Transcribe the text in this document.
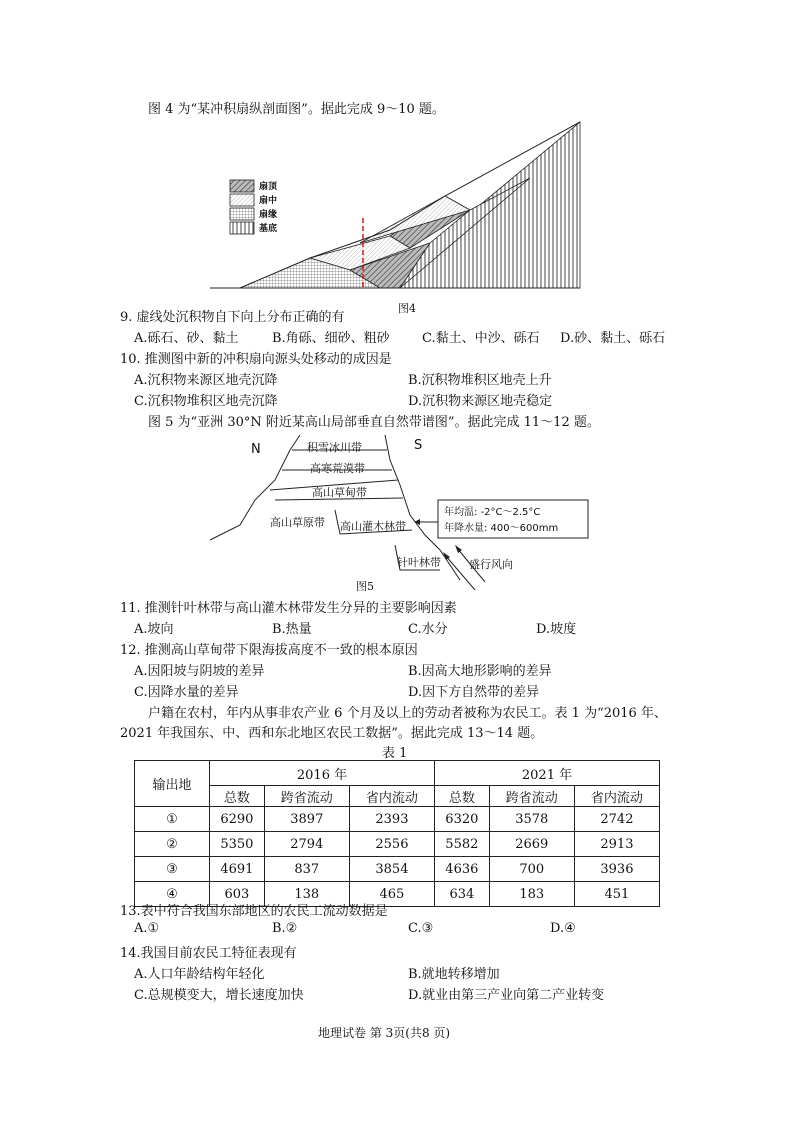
图 4 为“某冲积扇纵剖面图”。据此完成 9～10 题。
扇顶
扇中
扇缘
基底
图4
9. 虚线处沉积物自下向上分布正确的有
A.砾石、砂、黏土	B.角砾、细砂、粗砂 C.黏土、中沙、砾石 D.砂、黏土、砾石
10. 推测图中新的冲积扇向源头处移动的成因是
A.沉积物来源区地壳沉降	B.沉积物堆积区地壳上升
C.沉积物堆积区地壳沉降	D.沉积物来源区地壳稳定
图 5 为“亚洲 30°N 附近某高山局部垂直自然带谱图”。据此完成 11～12 题。
N	S
积雪冰川带
高寒荒漠带
高山草甸带
高山草原带 高山灌木林带
针叶林带
年均温: -2°C～2.5°C
年降水量: 400～600mm
盛行风向
图5
11. 推测针叶林带与高山灌木林带发生分异的主要影响因素
A.坡向	B.热量	C.水分	D.坡度
12. 推测高山草甸带下限海拔高度不一致的根本原因
A.因阳坡与阴坡的差异	B.因高大地形影响的差异
C.因降水量的差异	D.因下方自然带的差异
户籍在农村，年内从事非农产业 6 个月及以上的劳动者被称为农民工。表 1 为“2016 年、
2021 年我国东、中、西和东北地区农民工数据”。据此完成 13～14 题。
表 1
输出地	2016 年			2021 年		
	总数	跨省流动	省内流动	总数	跨省流动	省内流动
①	6290	3897	2393	6320	3578	2742
②	5350	2794	2556	5582	2669	2913
③	4691	837	3854	4636	700	3936
④	603	138	465	634	183	451
13.表中符合我国东部地区的农民工流动数据是
A.①	B.②	C.③	D.④
14.我国目前农民工特征表现有
A.人口年龄结构年轻化	B.就地转移增加
C.总规模变大，增长速度加快	D.就业由第三产业向第二产业转变
地理试卷 第 3页(共8 页)
